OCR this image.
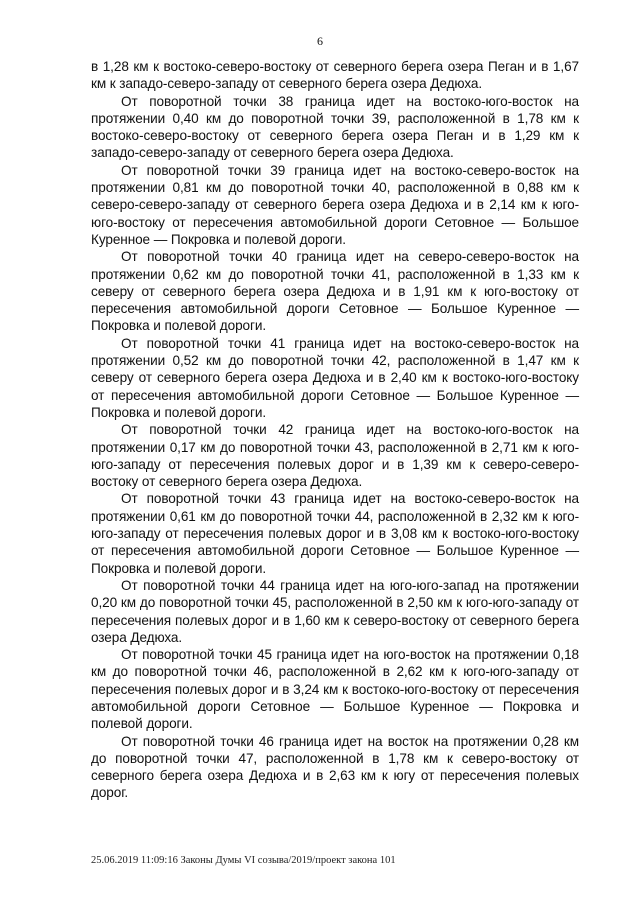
6

в 1,28 км к востоко-северо-востоку от северного берега озера Пеган и в 1,67 км к западо-северо-западу от северного берега озера Дедюха.

От поворотной точки 38 граница идет на востоко-юго-восток на протяжении 0,40 км до поворотной точки 39, расположенной в 1,78 км к востоко-северо-востоку от северного берега озера Пеган и в 1,29 км к западо-северо-западу от северного берега озера Дедюха.

От поворотной точки 39 граница идет на востоко-северо-восток на протяжении 0,81 км до поворотной точки 40, расположенной в 0,88 км к северо-северо-западу от северного берега озера Дедюха и в 2,14 км к юго-юго-востоку от пересечения автомобильной дороги Сетовное — Большое Куренное — Покровка и полевой дороги.

От поворотной точки 40 граница идет на северо-северо-восток на протяжении 0,62 км до поворотной точки 41, расположенной в 1,33 км к северу от северного берега озера Дедюха и в 1,91 км к юго-востоку от пересечения автомобильной дороги Сетовное — Большое Куренное — Покровка и полевой дороги.

От поворотной точки 41 граница идет на востоко-северо-восток на протяжении 0,52 км до поворотной точки 42, расположенной в 1,47 км к северу от северного берега озера Дедюха и в 2,40 км к востоко-юго-востоку от пересечения автомобильной дороги Сетовное — Большое Куренное — Покровка и полевой дороги.

От поворотной точки 42 граница идет на востоко-юго-восток на протяжении 0,17 км до поворотной точки 43, расположенной в 2,71 км к юго-юго-западу от пересечения полевых дорог и в 1,39 км к северо-северо-востоку от северного берега озера Дедюха.

От поворотной точки 43 граница идет на востоко-северо-восток на протяжении 0,61 км до поворотной точки 44, расположенной в 2,32 км к юго-юго-западу от пересечения полевых дорог и в 3,08 км к востоко-юго-востоку от пересечения автомобильной дороги Сетовное — Большое Куренное — Покровка и полевой дороги.

От поворотной точки 44 граница идет на юго-юго-запад на протяжении 0,20 км до поворотной точки 45, расположенной в 2,50 км к юго-юго-западу от пересечения полевых дорог и в 1,60 км к северо-востоку от северного берега озера Дедюха.

От поворотной точки 45 граница идет на юго-восток на протяжении 0,18 км до поворотной точки 46, расположенной в 2,62 км к юго-юго-западу от пересечения полевых дорог и в 3,24 км к востоко-юго-востоку от пересечения автомобильной дороги Сетовное — Большое Куренное — Покровка и полевой дороги.

От поворотной точки 46 граница идет на восток на протяжении 0,28 км до поворотной точки 47, расположенной в 1,78 км к северо-востоку от северного берега озера Дедюха и в 2,63 км к югу от пересечения полевых дорог.

25.06.2019 11:09:16 Законы Думы VI созыва/2019/проект закона 101
